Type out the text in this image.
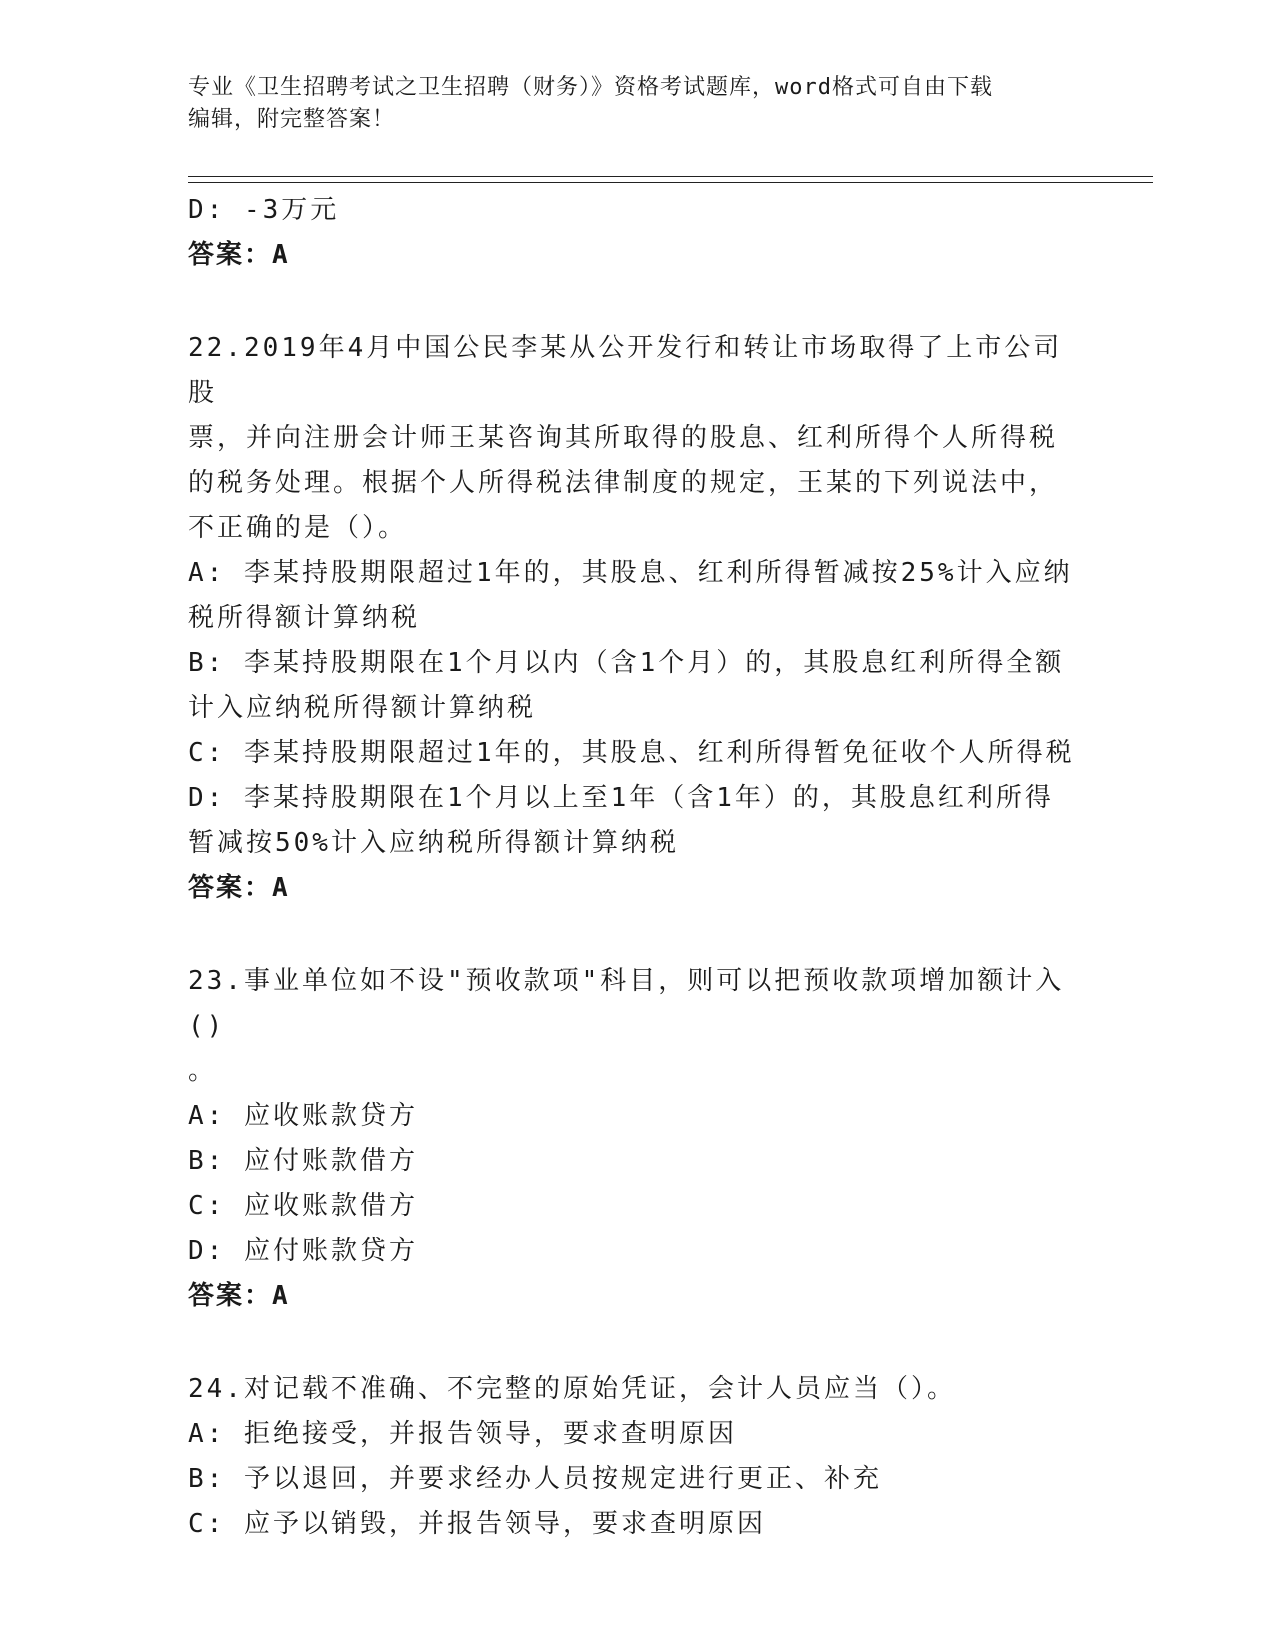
专业《卫生招聘考试之卫生招聘（财务）》资格考试题库，word格式可自由下载
编辑，附完整答案！
D: -3万元
答案：A
22.2019年4月中国公民李某从公开发行和转让市场取得了上市公司股
票，并向注册会计师王某咨询其所取得的股息、红利所得个人所得税
的税务处理。根据个人所得税法律制度的规定，王某的下列说法中，
不正确的是（）。
A: 李某持股期限超过1年的，其股息、红利所得暂减按25%计入应纳
税所得额计算纳税
B: 李某持股期限在1个月以内（含1个月）的，其股息红利所得全额
计入应纳税所得额计算纳税
C: 李某持股期限超过1年的，其股息、红利所得暂免征收个人所得税
D: 李某持股期限在1个月以上至1年（含1年）的，其股息红利所得
暂减按50%计入应纳税所得额计算纳税
答案：A
23.事业单位如不设"预收款项"科目，则可以把预收款项增加额计入()
。
A: 应收账款贷方
B: 应付账款借方
C: 应收账款借方
D: 应付账款贷方
答案：A
24.对记载不准确、不完整的原始凭证，会计人员应当（）。
A: 拒绝接受，并报告领导，要求查明原因
B: 予以退回，并要求经办人员按规定进行更正、补充
C: 应予以销毁，并报告领导，要求查明原因
